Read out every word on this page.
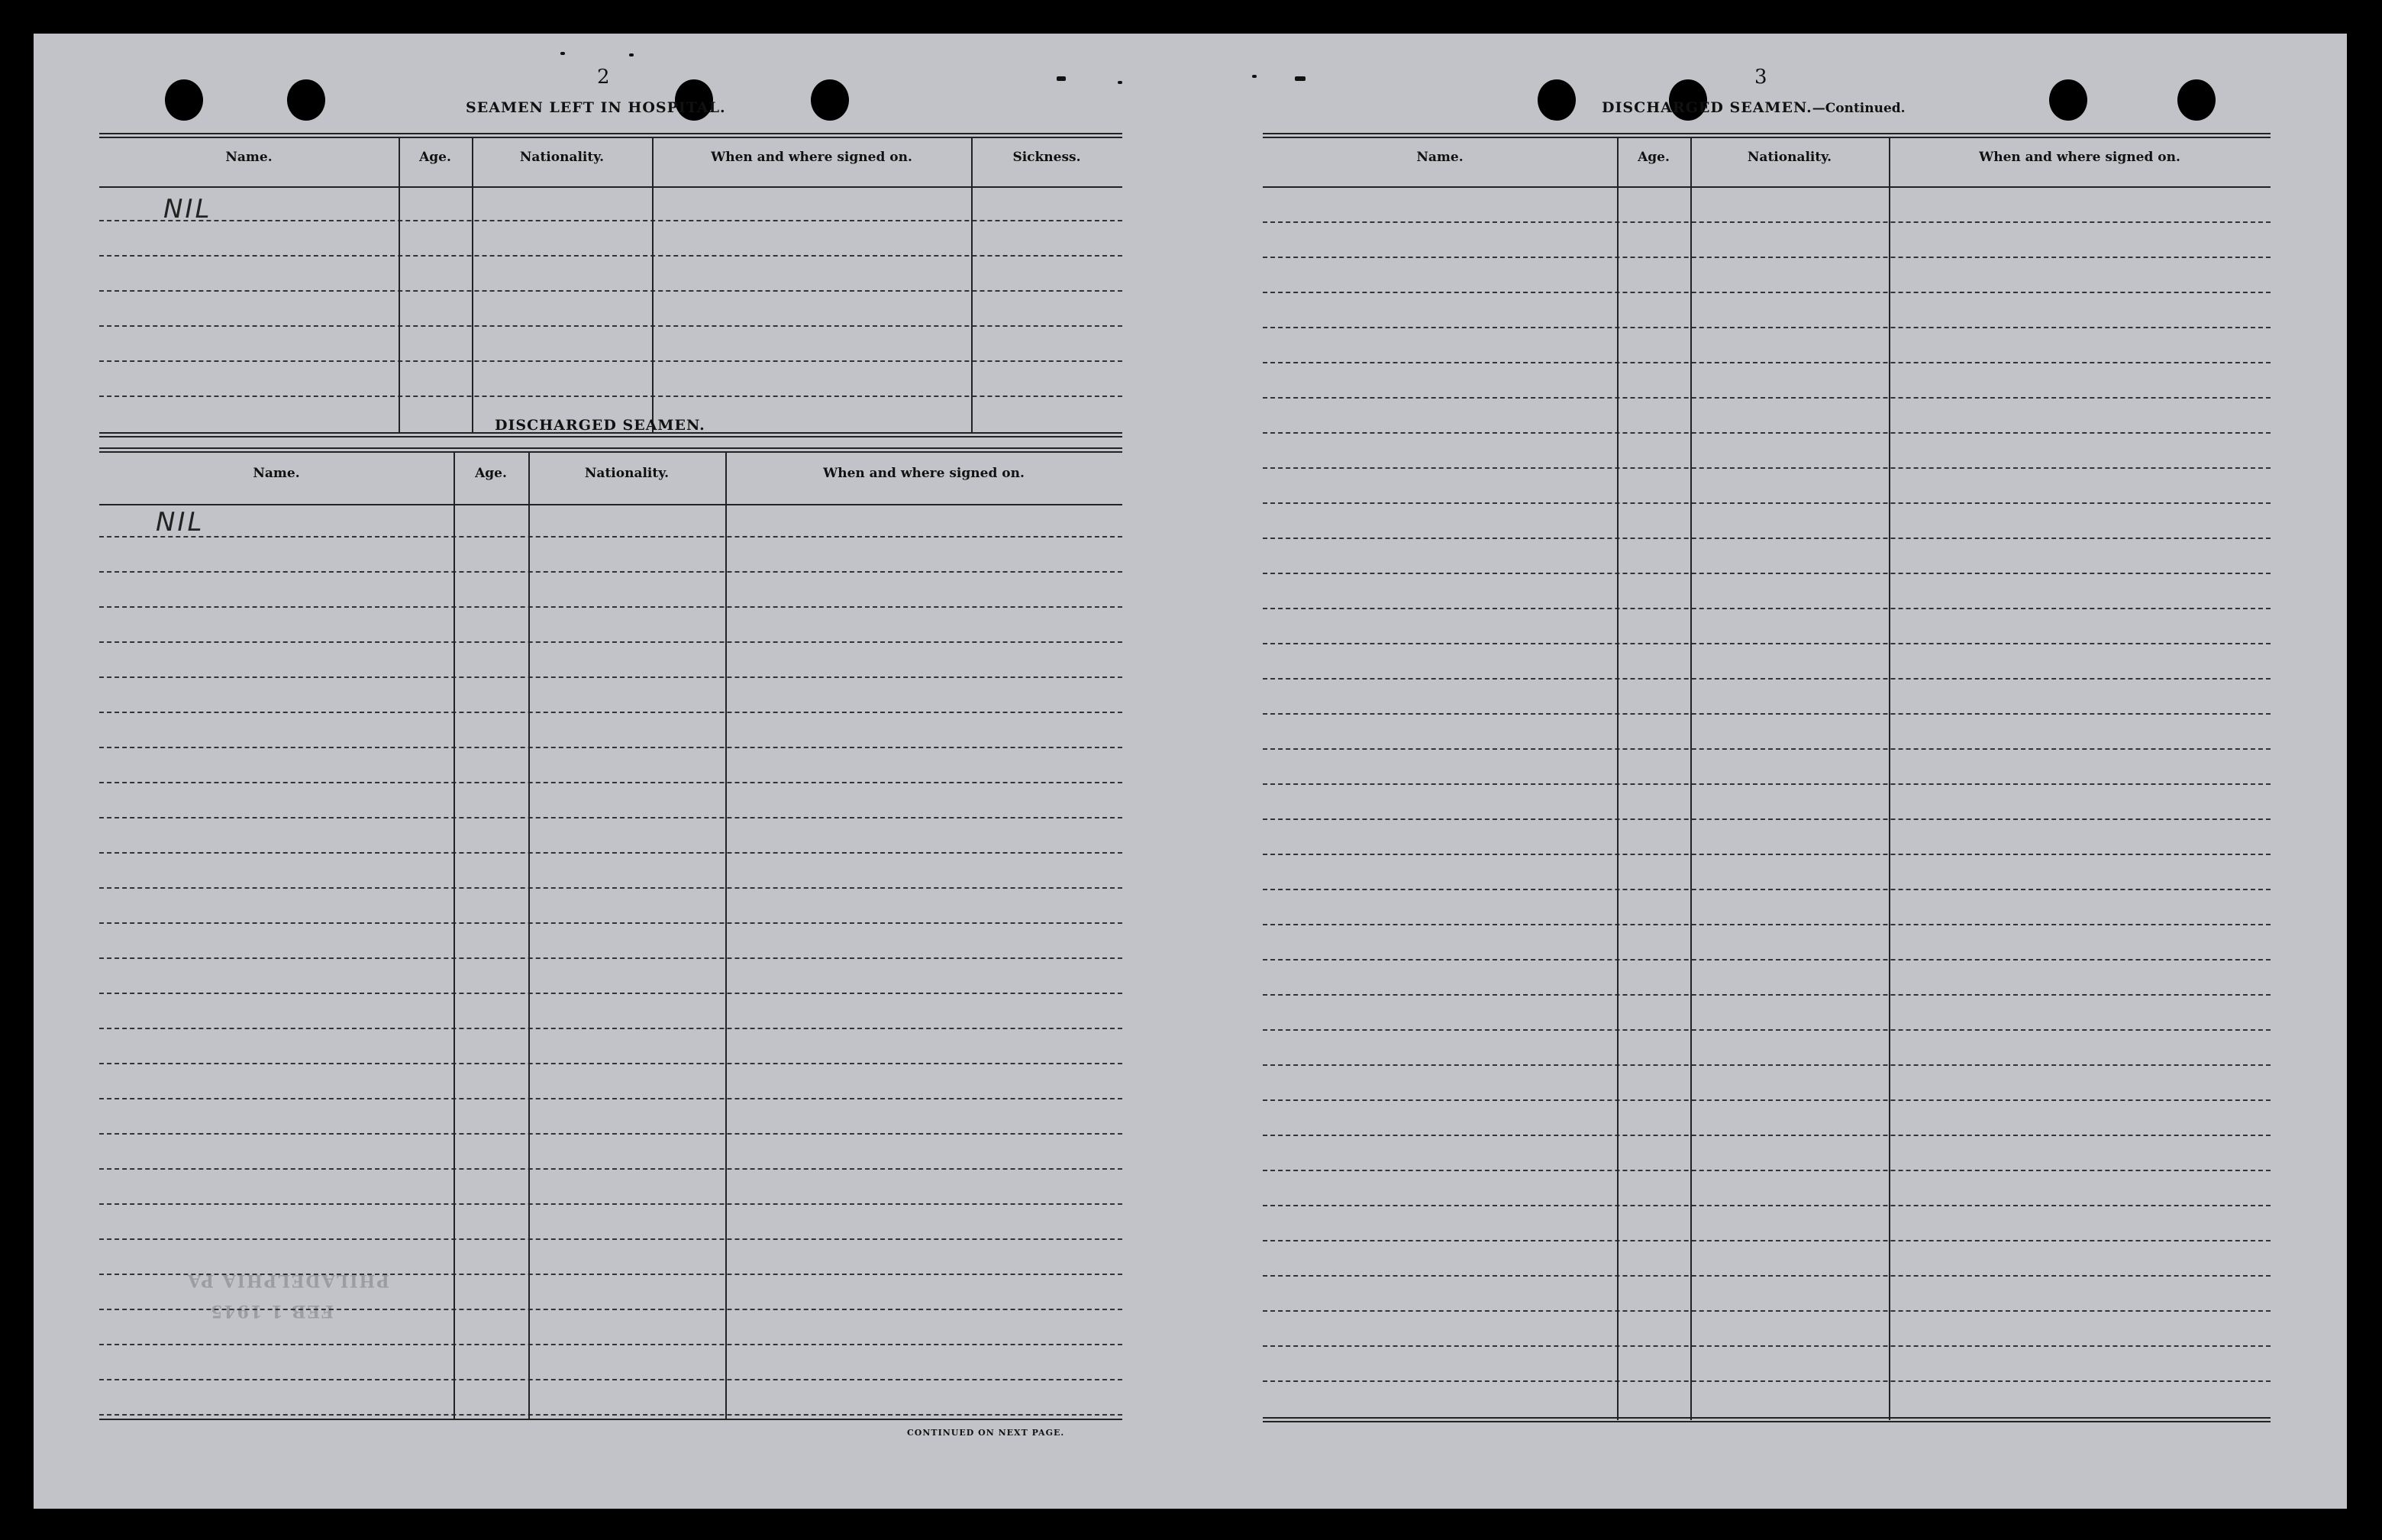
PHILADELPHIA PA
FEB 1 1945
2
SEAMEN LEFT IN HOSPITAL.
Name.	Age.	Nationality.	When and where signed on.	Sickness.
NIL
DISCHARGED SEAMEN.
Name.	Age.	Nationality.	When and where signed on.
NIL
CONTINUED ON NEXT PAGE.
3
DISCHARGED SEAMEN.—Continued.
Name.	Age.	Nationality.	When and where signed on.
